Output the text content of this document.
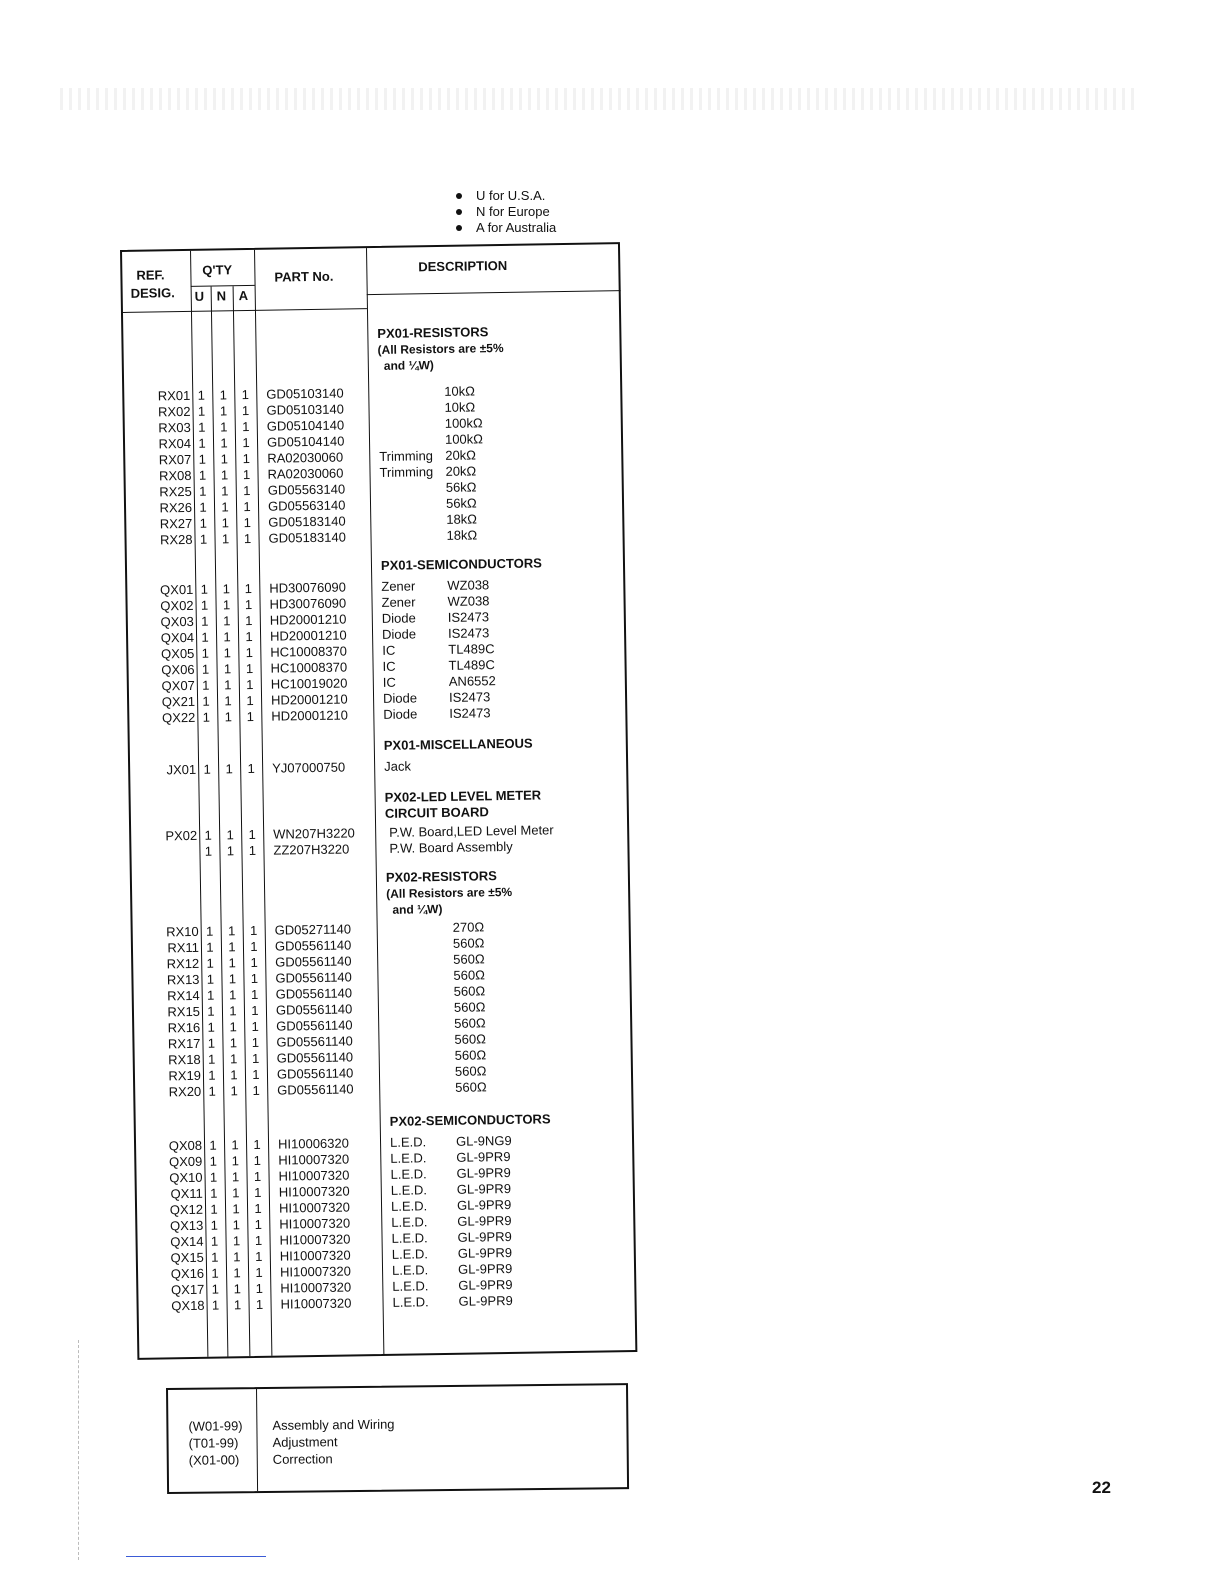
U for U.S.A.
N for Europe
A for Australia
REF.
DESIG.
Q'TY
U N A
PART No.
DESCRIPTION
PX01-RESISTORS
(All Resistors are ±5%
and ¼W)
PX01-SEMICONDUCTORS
PX01-MISCELLANEOUS
PX02-LED LEVEL METER
CIRCUIT BOARD
PX02-RESISTORS
(All Resistors are ±5%
and ¼W)
PX02-SEMICONDUCTORS
RX01 1	1	1	GD05103140	10kΩ
RX02 1	1	1	GD05103140	10kΩ
RX03 1	1	1	GD05104140	100kΩ
RX04 1	1	1	GD05104140	100kΩ
RX07 1	1	1	RA02030060	Trimming 20kΩ
RX08 1	1	1	RA02030060	Trimming 20kΩ
RX25 1	1	1	GD05563140	56kΩ
RX26 1	1	1	GD05563140	56kΩ
RX27 1	1	1	GD05183140	18kΩ
RX28 1	1	1	GD05183140	18kΩ
QX01 1	1	1	HD30076090	Zener WZ038
QX02 1	1	1	HD30076090	Zener WZ038
QX03 1	1	1	HD20001210	Diode IS2473
QX04 1	1	1	HD20001210	Diode IS2473
QX05 1	1	1	HC10008370	IC	TL489C
QX06 1	1	1	HC10008370	IC	TL489C
QX07 1	1	1	HC10019020	IC	AN6552
QX21 1	1	1	HD20001210	Diode IS2473
QX22 1	1	1	HD20001210	Diode IS2473
JX01 1	1	1	YJ07000750	Jack
PX02 1	1	1	WN207H3220	P.W. Board,LED Level Meter
1	1	1	ZZ207H3220	P.W. Board Assembly
RX10 1	1	1	GD05271140	270Ω
RX11 1	1	1	GD05561140	560Ω
RX12 1	1	1	GD05561140	560Ω
RX13 1	1	1	GD05561140	560Ω
RX14 1	1	1	GD05561140	560Ω
RX15 1	1	1	GD05561140	560Ω
RX16 1	1	1	GD05561140	560Ω
RX17 1	1	1	GD05561140	560Ω
RX18 1	1	1	GD05561140	560Ω
RX19 1	1	1	GD05561140	560Ω
RX20 1	1	1	GD05561140	560Ω
QX08 1	1	1	HI10006320	L.E.D. GL-9NG9
QX09 1	1	1	HI10007320	L.E.D. GL-9PR9
QX10 1	1	1	HI10007320	L.E.D. GL-9PR9
QX11 1	1	1	HI10007320	L.E.D. GL-9PR9
QX12 1	1	1	HI10007320	L.E.D. GL-9PR9
QX13 1	1	1	HI10007320	L.E.D. GL-9PR9
QX14 1	1	1	HI10007320	L.E.D. GL-9PR9
QX15 1	1	1	HI10007320	L.E.D. GL-9PR9
QX16 1	1	1	HI10007320	L.E.D. GL-9PR9
QX17 1	1	1	HI10007320	L.E.D. GL-9PR9
QX18 1	1	1	HI10007320	L.E.D. GL-9PR9
(W01-99) Assembly and Wiring
(T01-99)	Adjustment
(X01-00)	Correction
22
